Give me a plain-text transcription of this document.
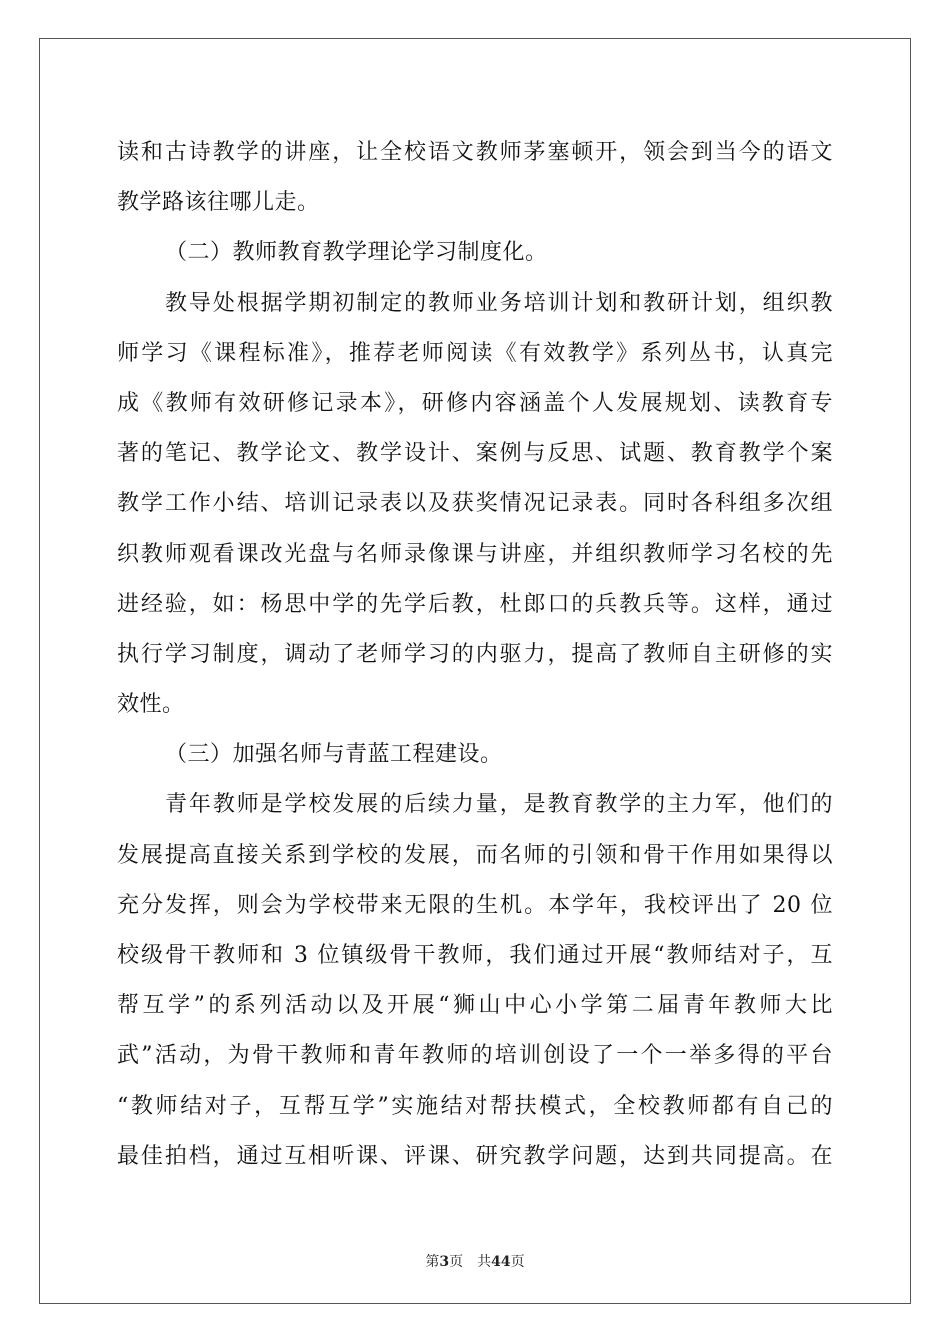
读和古诗教学的讲座，让全校语文教师茅塞顿开，领会到当今的语文
教学路该往哪儿走。
（二）教师教育教学理论学习制度化。
教导处根据学期初制定的教师业务培训计划和教研计划，组织教
师学习《课程标准》，推荐老师阅读《有效教学》系列丛书，认真完
成《教师有效研修记录本》，研修内容涵盖个人发展规划、读教育专
著的笔记、教学论文、教学设计、案例与反思、试题、教育教学个案
教学工作小结、培训记录表以及获奖情况记录表。同时各科组多次组
织教师观看课改光盘与名师录像课与讲座，并组织教师学习名校的先
进经验，如：杨思中学的先学后教，杜郎口的兵教兵等。这样，通过
执行学习制度，调动了老师学习的内驱力，提高了教师自主研修的实
效性。
（三）加强名师与青蓝工程建设。
青年教师是学校发展的后续力量，是教育教学的主力军，他们的
发展提高直接关系到学校的发展，而名师的引领和骨干作用如果得以
充分发挥，则会为学校带来无限的生机。本学年，我校评出了 20 位
校级骨干教师和 3 位镇级骨干教师，我们通过开展“教师结对子，互
帮互学”的系列活动以及开展“狮山中心小学第二届青年教师大比
武”活动，为骨干教师和青年教师的培训创设了一个一举多得的平台
“教师结对子，互帮互学”实施结对帮扶模式，全校教师都有自己的
最佳拍档，通过互相听课、评课、研究教学问题，达到共同提高。在
第3页 共44页
